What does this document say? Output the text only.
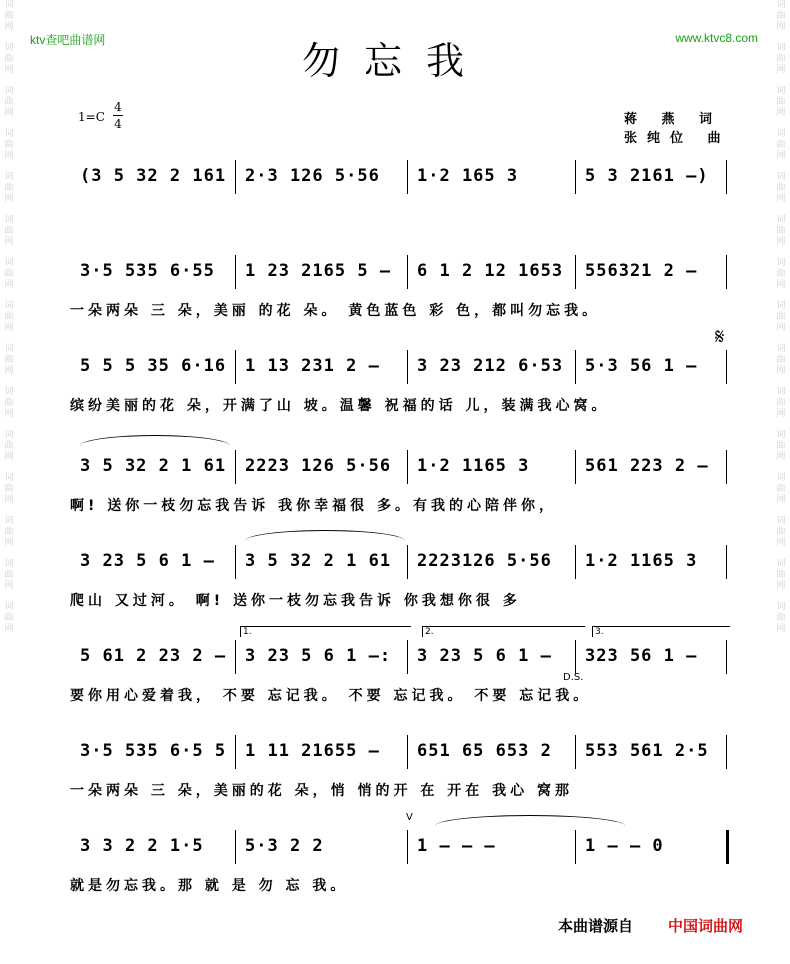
词
曲
网
词
曲
网
词
曲
网
词
曲
网
词
曲
网
词
曲
网
词
曲
网
词
曲
网
词
曲
网
词
曲
网
词
曲
网
词
曲
网
词
曲
网
词
曲
网
词
曲
网
词
曲
网
词
曲
网
词
曲
网
词
曲
网
词
曲
网
词
曲
网
词
曲
网
词
曲
网
词
曲
网
词
曲
网
词
曲
网
词
曲
网
词
曲
网
词
曲
网
词
曲
网
ktv查吧曲谱网	www.ktvc8.com
勿忘我
1=C
4
4	蒋 燕 词
张纯位 曲
(3 5 32 2 161 2·3 126 5·56 1·2 165 3	5 3 2161 –)
3·5 535 6·55 1 23 2165 5 – 6 1 2 12 1653 556321 2 –
一朵两朵 三 朵，美丽 的花 朵。 黄色蓝色 彩 色，都叫勿忘我。
5 5 5 35 6·16 1 13 231 2 – 3 23 212 6·53 5·3 56 1 –
缤纷美丽的花 朵，开满了山 坡。温馨 祝福的话 儿，装满我心窝。
3 5 32 2 1 61 2223 126 5·56 1·2 1165 3	561 223 2 –
啊! 送你一枝勿忘我告诉 我你幸福很 多。有我的心陪伴你，
3 23 5 6 1 – 3 5 32 2 1 61 2223126 5·56 1·2 1165 3
爬山 又过河。 啊! 送你一枝勿忘我告诉 你我想你很 多
5 61 2 23 2 – 3 23 5 6 1 –: 3 23 5 6 1 – 323 56 1 –
要你用心爱着我， 不要 忘记我。 不要 忘记我。 不要 忘记我。
3·5 535 6·5 5 1 11 21655 – 651 65 653 2 553 561 2·5
一朵两朵 三 朵，美丽的花 朵，悄 悄的开 在 开在 我心 窝那
3 3 2 2 1·5 5·3 2 2	1 – – –	1 – – 0
就是勿忘我。那 就 是 勿 忘 我。
1.	2.	3.
D.S.
𝄋
V
本曲谱源自 中国词曲网
